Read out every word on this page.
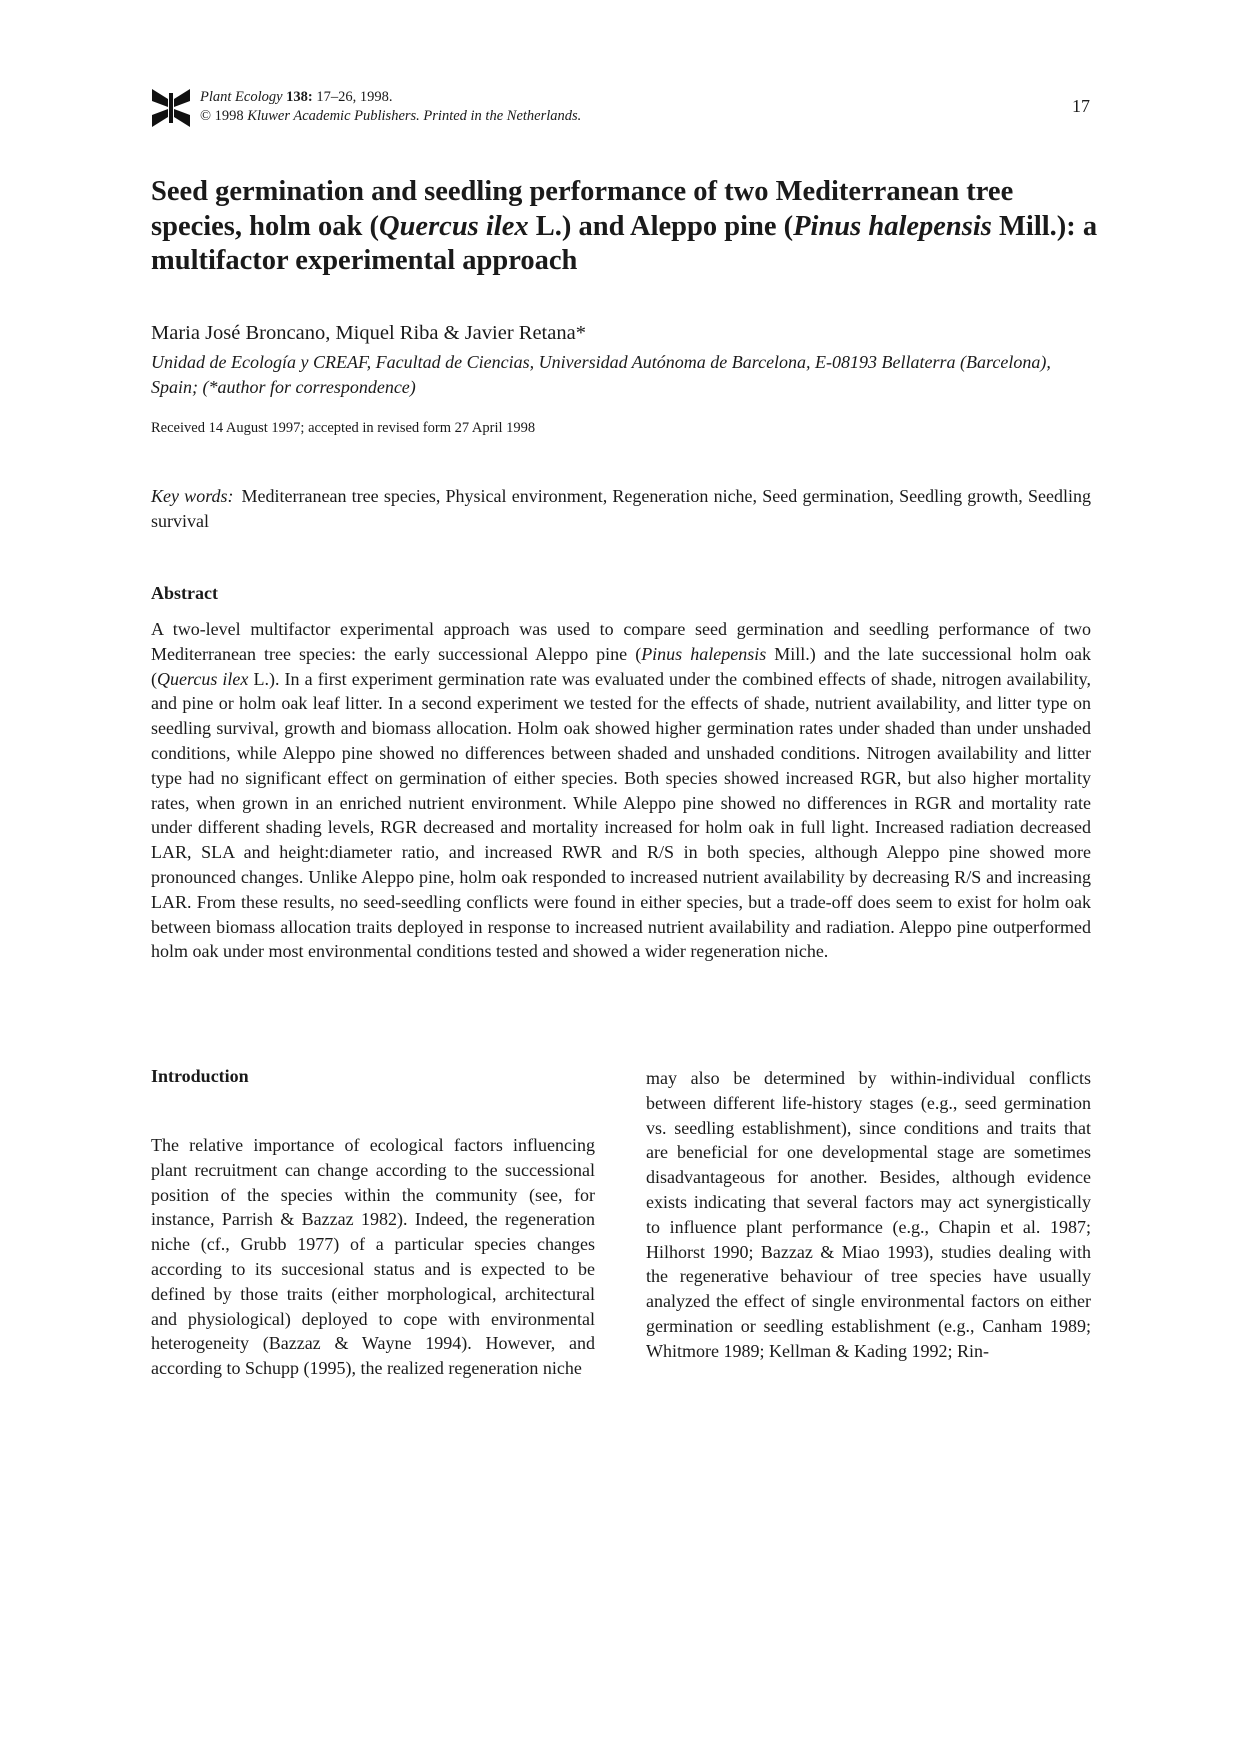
Plant Ecology 138: 17–26, 1998.
© 1998 Kluwer Academic Publishers. Printed in the Netherlands.	17
Seed germination and seedling performance of two Mediterranean tree species, holm oak (Quercus ilex L.) and Aleppo pine (Pinus halepensis Mill.): a multifactor experimental approach
Maria José Broncano, Miquel Riba & Javier Retana*
Unidad de Ecología y CREAF, Facultad de Ciencias, Universidad Autónoma de Barcelona, E-08193 Bellaterra (Barcelona), Spain; (*author for correspondence)
Received 14 August 1997; accepted in revised form 27 April 1998
Key words: Mediterranean tree species, Physical environment, Regeneration niche, Seed germination, Seedling growth, Seedling survival
Abstract

A two-level multifactor experimental approach was used to compare seed germination and seedling performance of two Mediterranean tree species: the early successional Aleppo pine (Pinus halepensis Mill.) and the late successional holm oak (Quercus ilex L.). In a first experiment germination rate was evaluated under the combined effects of shade, nitrogen availability, and pine or holm oak leaf litter. In a second experiment we tested for the effects of shade, nutrient availability, and litter type on seedling survival, growth and biomass allocation. Holm oak showed higher germination rates under shaded than under unshaded conditions, while Aleppo pine showed no differences between shaded and unshaded conditions. Nitrogen availability and litter type had no significant effect on germination of either species. Both species showed increased RGR, but also higher mortality rates, when grown in an enriched nutrient environment. While Aleppo pine showed no differences in RGR and mortality rate under different shading levels, RGR decreased and mortality increased for holm oak in full light. Increased radiation decreased LAR, SLA and height:diameter ratio, and increased RWR and R/S in both species, although Aleppo pine showed more pronounced changes. Unlike Aleppo pine, holm oak responded to increased nutrient availability by decreasing R/S and increasing LAR. From these results, no seed-seedling conflicts were found in either species, but a trade-off does seem to exist for holm oak between biomass allocation traits deployed in response to increased nutrient availability and radiation. Aleppo pine outperformed holm oak under most environmental conditions tested and showed a wider regeneration niche.

Introduction

The relative importance of ecological factors influencing plant recruitment can change according to the successional position of the species within the community (see, for instance, Parrish & Bazzaz 1982). Indeed, the regeneration niche (cf., Grubb 1977) of a particular species changes according to its succesional status and is expected to be defined by those traits (either morphological, architectural and physiological) deployed to cope with environmental heterogeneity (Bazzaz & Wayne 1994). However, and according to Schupp (1995), the realized regeneration niche

may also be determined by within-individual conflicts between different life-history stages (e.g., seed germination vs. seedling establishment), since conditions and traits that are beneficial for one developmental stage are sometimes disadvantageous for another. Besides, although evidence exists indicating that several factors may act synergistically to influence plant performance (e.g., Chapin et al. 1987; Hilhorst 1990; Bazzaz & Miao 1993), studies dealing with the regenerative behaviour of tree species have usually analyzed the effect of single environmental factors on either germination or seedling establishment (e.g., Canham 1989; Whitmore 1989; Kellman & Kading 1992; Rin-
